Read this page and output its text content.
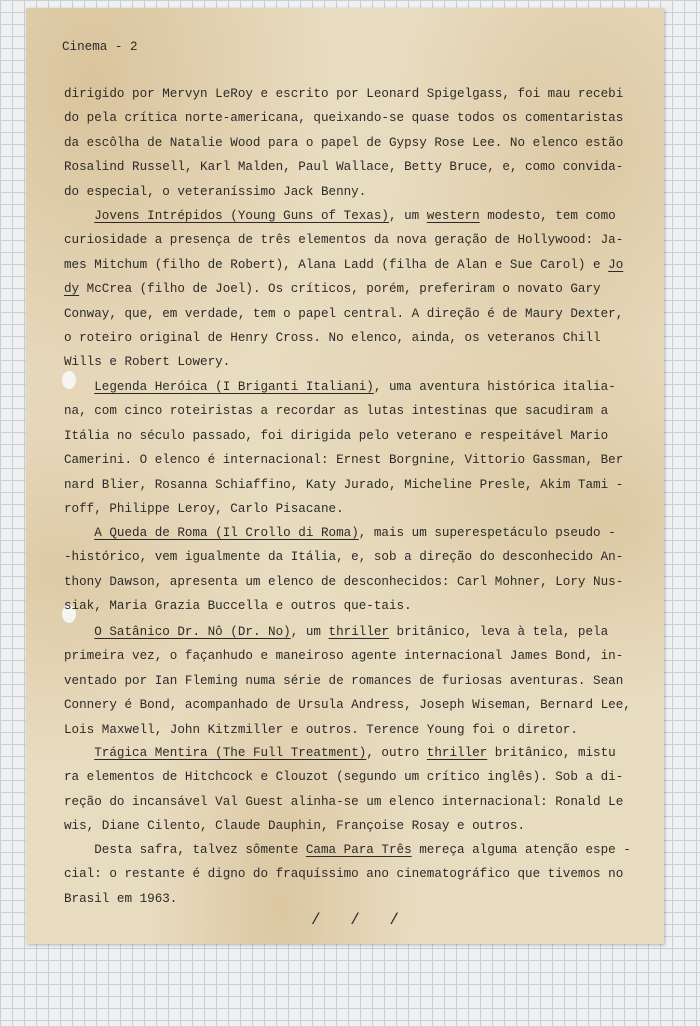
Cinema - 2
dirigido por Mervyn LeRoy e escrito por Leonard Spigelgass, foi mau recebi
do pela crítica norte-americana, queixando-se quase todos os comentaristas
da escôlha de Natalie Wood para o papel de Gypsy Rose Lee. No elenco estão
Rosalind Russell, Karl Malden, Paul Wallace, Betty Bruce, e, como convida-
do especial, o veteraníssimo Jack Benny.
Jovens Intrépidos (Young Guns of Texas), um western modesto, tem como
curiosidade a presença de três elementos da nova geração de Hollywood: Ja-
mes Mitchum (filho de Robert), Alana Ladd (filha de Alan e Sue Carol) e Jo
dy McCrea (filho de Joel). Os críticos, porém, preferiram o novato Gary
Conway, que, em verdade, tem o papel central. A direção é de Maury Dexter,
o roteiro original de Henry Cross. No elenco, ainda, os veteranos Chill
Wills e Robert Lowery.
Legenda Heróica (I Briganti Italiani), uma aventura histórica italia-
na, com cinco roteiristas a recordar as lutas intestinas que sacudiram a
Itália no século passado, foi dirigida pelo veterano e respeitável Mario
Camerini. O elenco é internacional: Ernest Borgnine, Vittorio Gassman, Ber
nard Blier, Rosanna Schiaffino, Katy Jurado, Micheline Presle, Akim Tami -
roff, Philippe Leroy, Carlo Pisacane.
A Queda de Roma (Il Crollo di Roma), mais um superespetáculo pseudo -
-histórico, vem igualmente da Itália, e, sob a direção do desconhecido An-
thony Dawson, apresenta um elenco de desconhecidos: Carl Mohner, Lory Nus-
siak, Maria Grazia Buccella e outros que-tais.
O Satânico Dr. Nô (Dr. No), um thriller britânico, leva à tela, pela
primeira vez, o façanhudo e maneiroso agente internacional James Bond, in-
ventado por Ian Fleming numa série de romances de furiosas aventuras. Sean
Connery é Bond, acompanhado de Ursula Andress, Joseph Wiseman, Bernard Lee,
Lois Maxwell, John Kitzmiller e outros. Terence Young foi o diretor.
Trágica Mentira (The Full Treatment), outro thriller britânico, mistu
ra elementos de Hitchcock e Clouzot (segundo um crítico inglês). Sob a di-
reção do incansável Val Guest alinha-se um elenco internacional: Ronald Le
wis, Diane Cilento, Claude Dauphin, Françoise Rosay e outros.
Desta safra, talvez sômente Cama Para Três mereça alguma atenção espe -
cial: o restante é digno do fraquíssimo ano cinematográfico que tivemos no
Brasil em 1963.
/ / /
